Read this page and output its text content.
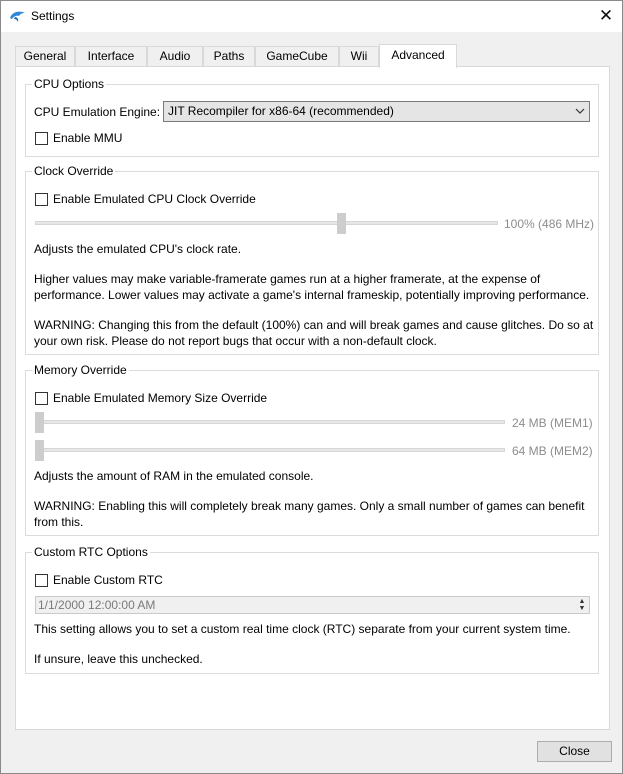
Settings	✕
General	Interface	Audio	Paths	GameCube	Wii	Advanced
CPU Options
CPU Emulation Engine: JIT Recompiler for x86-64 (recommended)
Enable MMU
Clock Override
Enable Emulated CPU Clock Override
100% (486 MHz)
Adjusts the emulated CPU's clock rate.
Higher values may make variable-framerate games run at a higher framerate, at the expense of
performance. Lower values may activate a game's internal frameskip, potentially improving performance.
WARNING: Changing this from the default (100%) can and will break games and cause glitches. Do so at
your own risk. Please do not report bugs that occur with a non-default clock.
Memory Override
Enable Emulated Memory Size Override
24 MB (MEM1)
64 MB (MEM2)
Adjusts the amount of RAM in the emulated console.
WARNING: Enabling this will completely break many games. Only a small number of games can benefit
from this.
Custom RTC Options
Enable Custom RTC
1/1/2000 12:00:00 AM	▲
▼
This setting allows you to set a custom real time clock (RTC) separate from your current system time.
If unsure, leave this unchecked.
Close
